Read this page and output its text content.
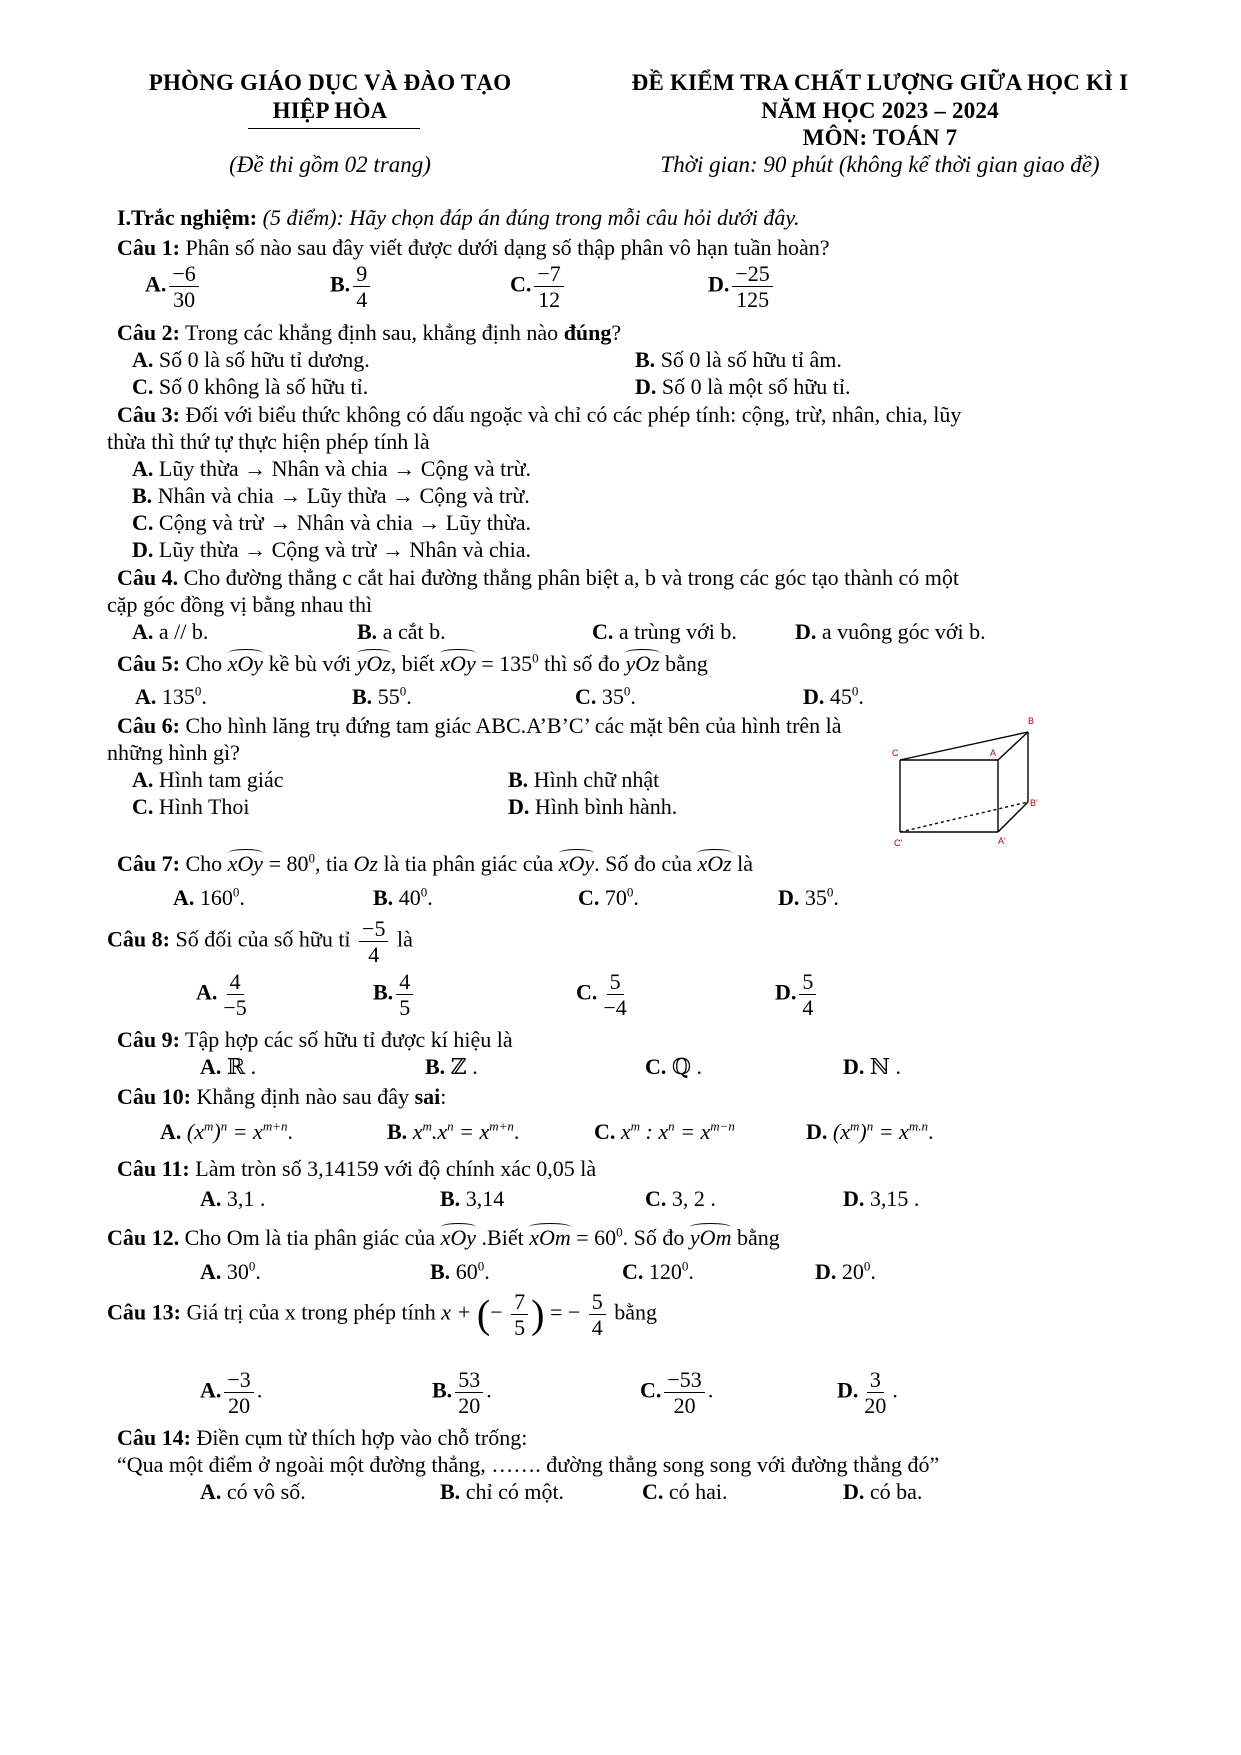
PHÒNG GIÁO DỤC VÀ ĐÀO TẠO
HIỆP HÒA
(Đề thi gồm 02 trang)
ĐỀ KIỂM TRA CHẤT LƯỢNG GIỮA HỌC KÌ I
NĂM HỌC 2023 – 2024
MÔN: TOÁN 7
Thời gian: 90 phút (không kể thời gian giao đề)
I.Trắc nghiệm: (5 điểm): Hãy chọn đáp án đúng trong mỗi câu hỏi dưới đây.
Câu 1: Phân số nào sau đây viết được dưới dạng số thập phân vô hạn tuần hoàn?
A. $\frac{-6}{30}$	B. $\frac{9}{4}$	C. $\frac{-7}{12}$	D. $\frac{-25}{125}$
Câu 2: Trong các khẳng định sau, khẳng định nào đúng?
A. Số 0 là số hữu tỉ dương.	B. Số 0 là số hữu tỉ âm.
C. Số 0 không là số hữu tỉ.	D. Số 0 là một số hữu tỉ.
Câu 3: Đối với biểu thức không có dấu ngoặc và chỉ có các phép tính: cộng, trừ, nhân, chia, lũy
thừa thì thứ tự thực hiện phép tính là
A. Lũy thừa → Nhân và chia → Cộng và trừ.
B. Nhân và chia → Lũy thừa → Cộng và trừ.
C. Cộng và trừ → Nhân và chia → Lũy thừa.
D. Lũy thừa → Cộng và trừ → Nhân và chia.
Câu 4. Cho đường thẳng c cắt hai đường thẳng phân biệt a, b và trong các góc tạo thành có một
cặp góc đồng vị bằng nhau thì
A. a // b.	B. a cắt b.	C. a trùng với b.	D. a vuông góc với b.
Câu 5: Cho xOy kề bù với yOz, biết xOy = $135^0$ thì số đo yOz bằng
A. $135^0$.	B. $55^0$.	C. $35^0$.	D. $45^0$.
Câu 6: Cho hình lăng trụ đứng tam giác ABC.A’B’C’ các mặt bên của hình trên là
những hình gì?
A. Hình tam giác	B. Hình chữ nhật
C. Hình Thoi	D. Hình bình hành.
B
C	A
B'
C'	A'
Câu 7: Cho xOy = $80^0$, tia Oz là tia phân giác của xOy. Số đo của xOz là
A. $160^0$.	B. $40^0$.	C. $70^0$.	D. $35^0$.
Câu 8: Số đối của số hữu tỉ $\frac{-5}{4}$ là
A. $\frac{4}{-5}$	B. $\frac{4}{5}$	C. $\frac{5}{-4}$	D. $\frac{5}{4}$
Câu 9: Tập hợp các số hữu tỉ được kí hiệu là
A. ℝ .	B. ℤ .	C. ℚ .	D. ℕ .
Câu 10: Khẳng định nào sau đây sai:
A. $(x^m)^n = x^{m+n}$.	B. $x^m.x^n = x^{m+n}$.	C. $x^m$ : $x^n = x^{m-n}$	D. $(x^m)^n = x^{m.n}$.
Câu 11: Làm tròn số 3,14159 với độ chính xác 0,05 là
A. 3,1 .	B. 3,14	C. 3, 2 .	D. 3,15 .
Câu 12. Cho Om là tia phân giác của xOy .Biết xOm = $60^0$. Số đo yOm bằng
A. $30^0$.	B. $60^0$.	C. $120^0$.	D. $20^0$.
Câu 13: Giá trị của x trong phép tính x + (− $\frac{7}{5}$ ) = − $\frac{5}{4}$ bằng
A. $\frac{-3}{20}$ .	B. $\frac{53}{20}$ .	C. $\frac{-53}{20}$ .	D. $\frac{3}{20}$ .
Câu 14: Điền cụm từ thích hợp vào chỗ trống:
“Qua một điểm ở ngoài một đường thẳng, ……. đường thẳng song song với đường thẳng đó”
A. có vô số.	B. chỉ có một.	C. có hai.	D. có ba.
